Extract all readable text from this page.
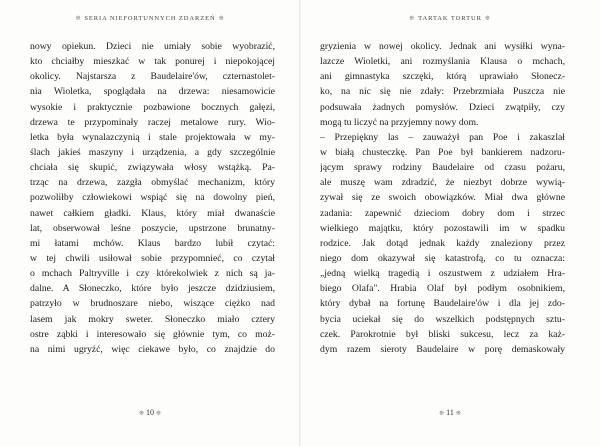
❊ SERIA NIEFORTUNNYCH ZDARZEŃ ❊
nowy opiekun. Dzieci nie umiały sobie wyobrazić,
kto chciałby mieszkać w tak ponurej i niepokojącej
okolicy. Najstarsza z Baudelaire'ów, czternastolet-
nia Wioletka, spoglądała na drzewa: niesamowicie
wysokie i praktycznie pozbawione bocznych gałęzi,
drzewa te przypominały raczej metalowe rury. Wio-
letka była wynalazczynią i stale projektowała w my-
ślach jakieś maszyny i urządzenia, a gdy szczególnie
chciała się skupić, związywała włosy wstążką. Pa-
trząc na drzewa, zazgła obmyślać mechanizm, który
pozwoliłby człowiekowi wspiąć się na dowolny pień,
nawet całkiem gładki. Klaus, który miał dwanaście
lat, obserwował leśne poszycie, upstrzone brunatny-
mi łatami mchów. Klaus bardzo lubił czytać:
w tej chwili usiłował sobie przypomnieć, co czytał
o mchach Paltryville i czy którekolwiek z nich są ja-
dalne. A Słoneczko, które było jeszcze dzidziusiem,
patrzyło w brudnoszare niebo, wiszące ciężko nad
lasem jak mokry sweter. Słoneczko miało cztery
ostre ząbki i interesowało się głównie tym, co moż-
na nimi ugryźć, więc ciekawe było, co znajdzie do
❊ 10 ❊
❊ TARTAK TORTUR ❊
gryzienia w nowej okolicy. Jednak ani wysiłki wyna-
lazcze Wioletki, ani rozmyślania Klausa o mchach,
ani gimnastyka szczęki, którą uprawiało Słonecz-
ko, na nic się nie zdały: Przebrzmiała Puszcza nie
podsuwała żadnych pomysłów. Dzieci zwątpiły, czy
mogą tu liczyć na przyjemny nowy dom.
– Przepiękny las – zauważył pan Poe i zakaszlał
w białą chusteczkę. Pan Poe był bankierem nadzoru-
jącym sprawy rodziny Baudelaire od czasu pożaru,
ale muszę wam zdradzić, że niezbyt dobrze wywią-
zywał się ze swoich obowiązków. Miał dwa główne
zadania: zapewnić dzieciom dobry dom i strzec
wielkiego majątku, który pozostawili im w spadku
rodzice. Jak dotąd jednak każdy znaleziony przez
niego dom okazywał się katastrofą, co tu oznacza:
„jedną wielką tragedią i oszustwem z udziałem Hra-
biego Olafa". Hrabia Olaf był podłym osobnikiem,
który dybał na fortunę Baudelaire'ów i dla jej zdo-
bycia uciekał się do wszelkich podstępnych sztu-
czek. Parokrotnie był bliski sukcesu, lecz za każ-
dym razem sieroty Baudelaire w porę demaskowały
❊ 11 ❊
